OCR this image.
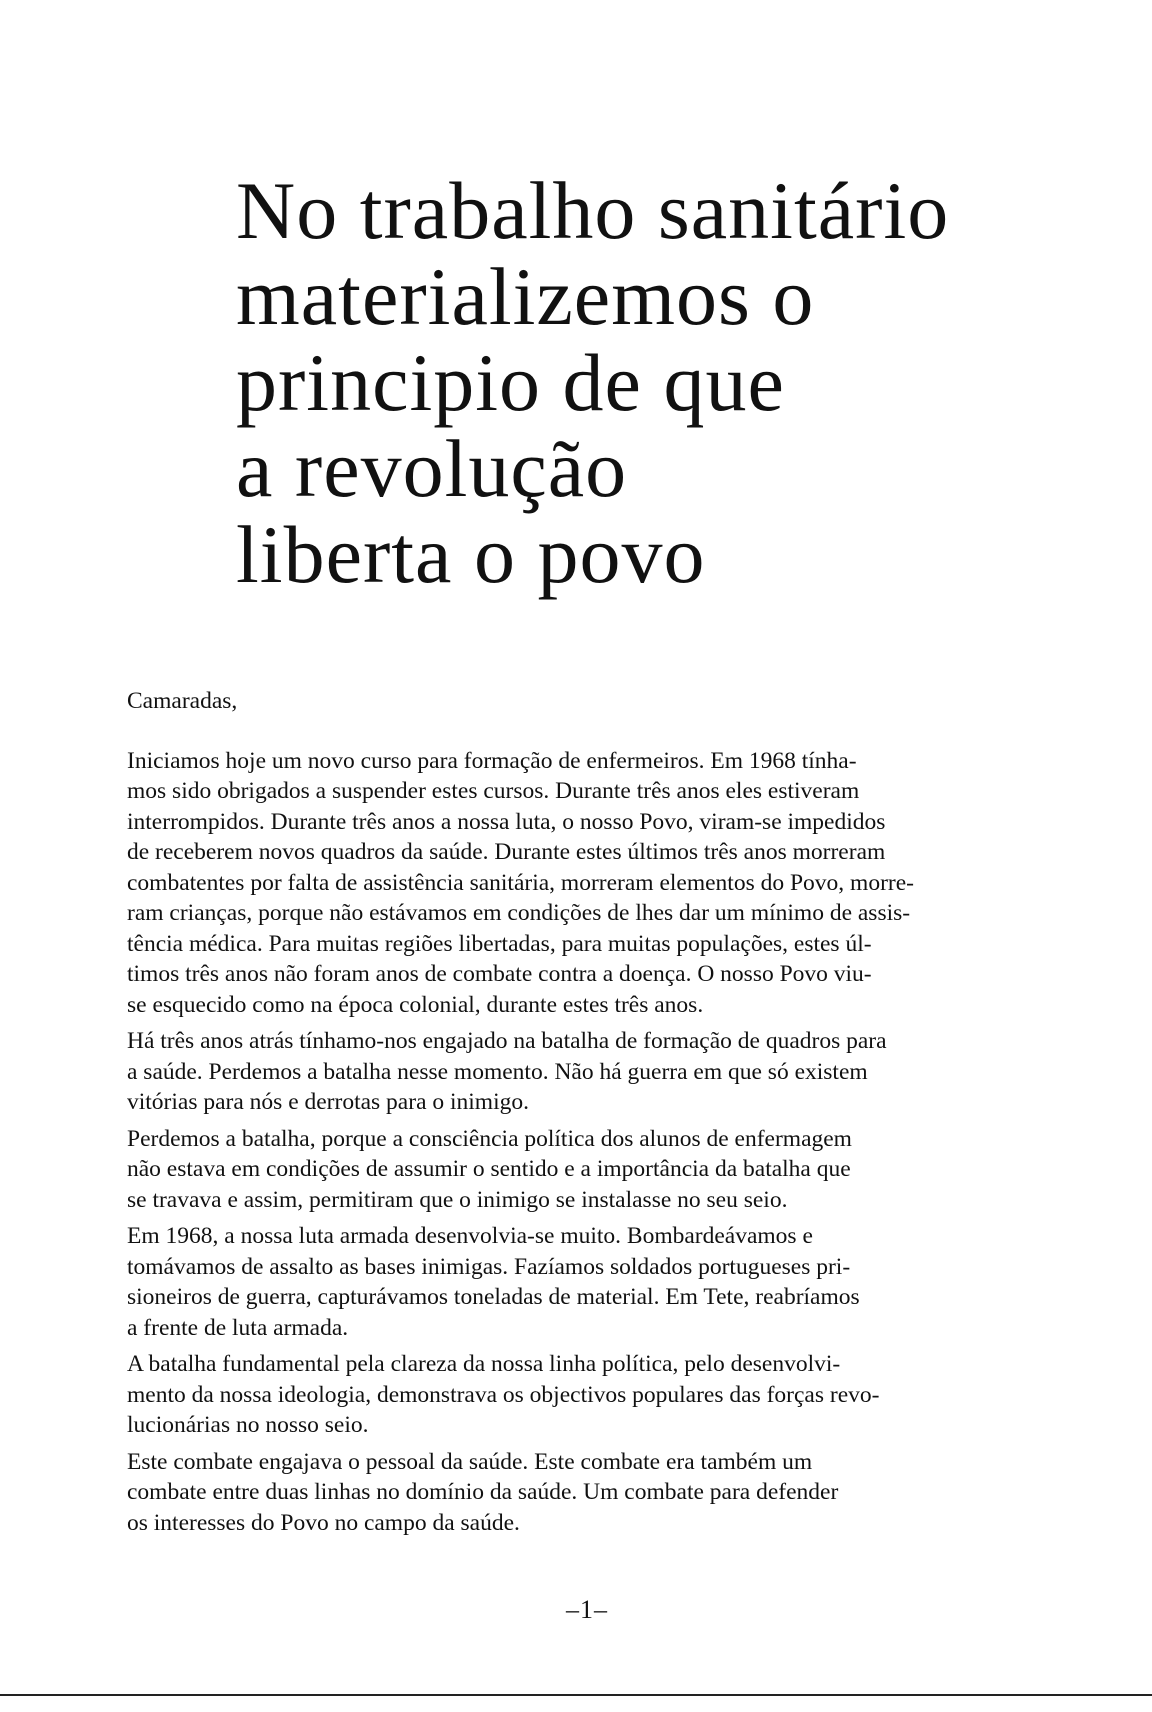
No trabalho sanitário
materializemos o
principio de que
a revolução
liberta o povo

Camaradas,

Iniciamos hoje um novo curso para formação de enfermeiros. Em 1968 tínha-
mos sido obrigados a suspender estes cursos. Durante três anos eles estiveram
interrompidos. Durante três anos a nossa luta, o nosso Povo, viram-se impedidos
de receberem novos quadros da saúde. Durante estes últimos três anos morreram
combatentes por falta de assistência sanitária, morreram elementos do Povo, morre-
ram crianças, porque não estávamos em condições de lhes dar um mínimo de assis-
tência médica. Para muitas regiões libertadas, para muitas populações, estes úl-
timos três anos não foram anos de combate contra a doença. O nosso Povo viu-
se esquecido como na época colonial, durante estes três anos.

Há três anos atrás tínhamo-nos engajado na batalha de formação de quadros para
a saúde. Perdemos a batalha nesse momento. Não há guerra em que só existem
vitórias para nós e derrotas para o inimigo.

Perdemos a batalha, porque a consciência política dos alunos de enfermagem
não estava em condições de assumir o sentido e a importância da batalha que
se travava e assim, permitiram que o inimigo se instalasse no seu seio.

Em 1968, a nossa luta armada desenvolvia-se muito. Bombardeávamos e
tomávamos de assalto as bases inimigas. Fazíamos soldados portugueses pri-
sioneiros de guerra, capturávamos toneladas de material. Em Tete, reabríamos
a frente de luta armada.

A batalha fundamental pela clareza da nossa linha política, pelo desenvolvi-
mento da nossa ideologia, demonstrava os objectivos populares das forças revo-
lucionárias no nosso seio.

Este combate engajava o pessoal da saúde. Este combate era também um
combate entre duas linhas no domínio da saúde. Um combate para defender
os interesses do Povo no campo da saúde.

–1–
